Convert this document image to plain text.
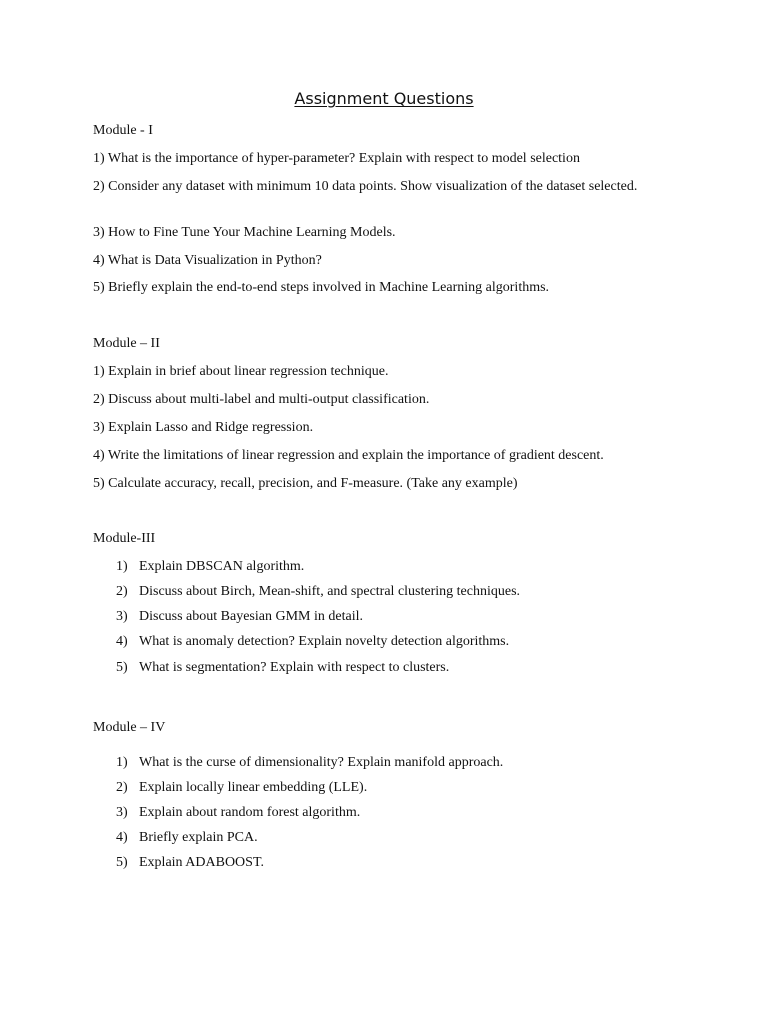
Assignment Questions
Module - I
1) What is the importance of hyper-parameter? Explain with respect to model selection
2) Consider any dataset with minimum 10 data points. Show visualization of the dataset selected.
3) How to Fine Tune Your Machine Learning Models.
4) What is Data Visualization in Python?
5) Briefly explain the end-to-end steps involved in Machine Learning algorithms.
Module – II
1) Explain in brief about linear regression technique.
2) Discuss about multi-label and multi-output classification.
3) Explain Lasso and Ridge regression.
4) Write the limitations of linear regression and explain the importance of gradient descent.
5) Calculate accuracy, recall, precision, and F-measure. (Take any example)
Module-III
1) Explain DBSCAN algorithm.
2) Discuss about Birch, Mean-shift, and spectral clustering techniques.
3) Discuss about Bayesian GMM in detail.
4) What is anomaly detection? Explain novelty detection algorithms.
5) What is segmentation? Explain with respect to clusters.
Module – IV
1) What is the curse of dimensionality? Explain manifold approach.
2) Explain locally linear embedding (LLE).
3) Explain about random forest algorithm.
4) Briefly explain PCA.
5) Explain ADABOOST.
